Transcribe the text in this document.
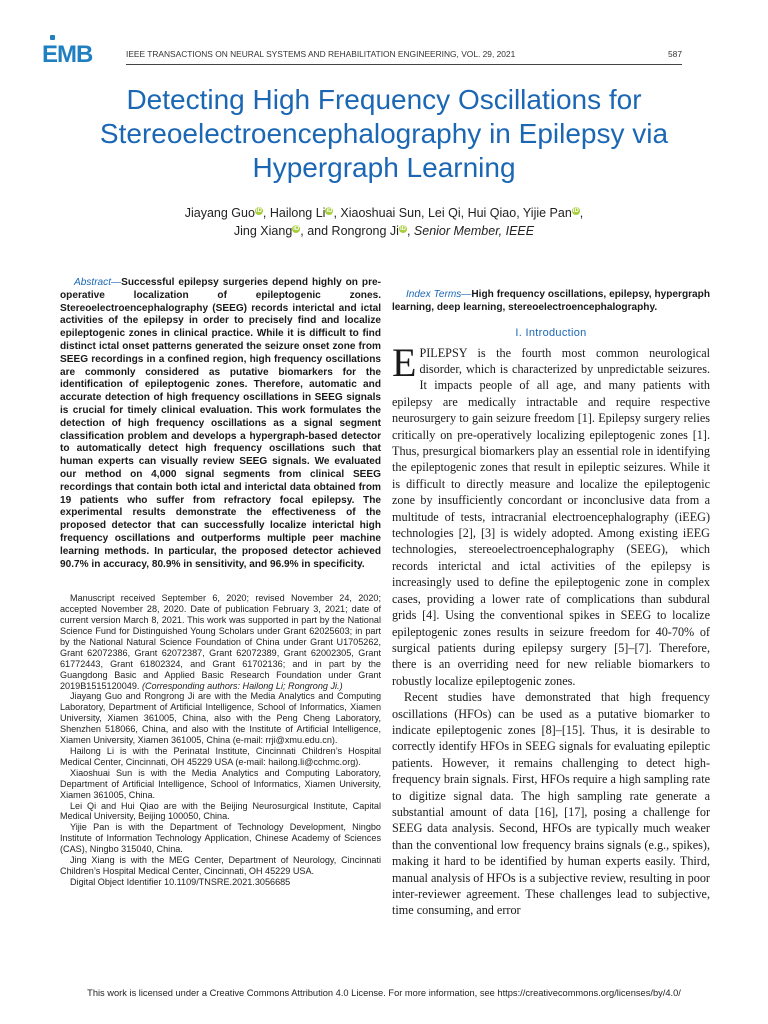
EMB	IEEE TRANSACTIONS ON NEURAL SYSTEMS AND REHABILITATION ENGINEERING, VOL. 29, 2021	587
Detecting High Frequency Oscillations for Stereoelectroencephalography in Epilepsy via Hypergraph Learning
Jiayang GuoiD, Hailong LiiD, Xiaoshuai Sun, Lei Qi, Hui Qiao, Yijie PaniD,
Jing XiangiD, and Rongrong JiiD, Senior Member, IEEE
Abstract—Successful epilepsy surgeries depend highly on pre-operative localization of epileptogenic zones. Stereoelectroencephalography (SEEG) records interictal and ictal activities of the epilepsy in order to precisely find and localize epileptogenic zones in clinical practice. While it is difficult to find distinct ictal onset patterns generated the seizure onset zone from SEEG recordings in a confined region, high frequency oscillations are commonly considered as putative biomarkers for the identification of epileptogenic zones. Therefore, automatic and accurate detection of high frequency oscillations in SEEG signals is crucial for timely clinical evaluation. This work formulates the detection of high frequency oscillations as a signal segment classification problem and develops a hypergraph-based detector to automatically detect high frequency oscillations such that human experts can visually review SEEG signals. We evaluated our method on 4,000 signal segments from clinical SEEG recordings that contain both ictal and interictal data obtained from 19 patients who suffer from refractory focal epilepsy. The experimental results demonstrate the effectiveness of the proposed detector that can successfully localize interictal high frequency oscillations and outperforms multiple peer machine learning methods. In particular, the proposed detector achieved 90.7% in accuracy, 80.9% in sensitivity, and 96.9% in specificity.

Manuscript received September 6, 2020; revised November 24, 2020; accepted November 28, 2020. Date of publication February 3, 2021; date of current version March 8, 2021. This work was supported in part by the National Science Fund for Distinguished Young Scholars under Grant 62025603; in part by the National Natural Science Foundation of China under Grant U1705262, Grant 62072386, Grant 62072387, Grant 62072389, Grant 62002305, Grant 61772443, Grant 61802324, and Grant 61702136; and in part by the Guangdong Basic and Applied Basic Research Foundation under Grant 2019B1515120049. (Corresponding authors: Hailong Li; Rongrong Ji.)

Jiayang Guo and Rongrong Ji are with the Media Analytics and Computing Laboratory, Department of Artificial Intelligence, School of Informatics, Xiamen University, Xiamen 361005, China, also with the Peng Cheng Laboratory, Shenzhen 518066, China, and also with the Institute of Artificial Intelligence, Xiamen University, Xiamen 361005, China (e-mail: rrji@xmu.edu.cn).

Hailong Li is with the Perinatal Institute, Cincinnati Children’s Hospital Medical Center, Cincinnati, OH 45229 USA (e-mail: hailong.li@cchmc.org).

Xiaoshuai Sun is with the Media Analytics and Computing Laboratory, Department of Artificial Intelligence, School of Informatics, Xiamen University, Xiamen 361005, China.

Lei Qi and Hui Qiao are with the Beijing Neurosurgical Institute, Capital Medical University, Beijing 100050, China.

Yijie Pan is with the Department of Technology Development, Ningbo Institute of Information Technology Application, Chinese Academy of Sciences (CAS), Ningbo 315040, China.

Jing Xiang is with the MEG Center, Department of Neurology, Cincinnati Children’s Hospital Medical Center, Cincinnati, OH 45229 USA.

Digital Object Identifier 10.1109/TNSRE.2021.3056685

Index Terms—High frequency oscillations, epilepsy, hypergraph learning, deep learning, stereoelectroencephalography.
I. Introduction

EPILEPSY is the fourth most common neurological disorder, which is characterized by unpredictable seizures. It impacts people of all age, and many patients with epilepsy are medically intractable and require respective neurosurgery to gain seizure freedom [1]. Epilepsy surgery relies critically on pre-operatively localizing epileptogenic zones [1]. Thus, presurgical biomarkers play an essential role in identifying the epileptogenic zones that result in epileptic seizures. While it is difficult to directly measure and localize the epileptogenic zone by insufficiently concordant or inconclusive data from a multitude of tests, intracranial electroencephalography (iEEG) technologies [2], [3] is widely adopted. Among existing iEEG technologies, stereoelectroencephalography (SEEG), which records interictal and ictal activities of the epilepsy is increasingly used to define the epileptogenic zone in complex cases, providing a lower rate of complications than subdural grids [4]. Using the conventional spikes in SEEG to localize epileptogenic zones results in seizure freedom for 40-70% of surgical patients during epilepsy surgery [5]–[7]. Therefore, there is an overriding need for new reliable biomarkers to robustly localize epileptogenic zones.

Recent studies have demonstrated that high frequency oscillations (HFOs) can be used as a putative biomarker to indicate epileptogenic zones [8]–[15]. Thus, it is desirable to correctly identify HFOs in SEEG signals for evaluating epileptic patients. However, it remains challenging to detect high-frequency brain signals. First, HFOs require a high sampling rate to digitize signal data. The high sampling rate generate a substantial amount of data [16], [17], posing a challenge for SEEG data analysis. Second, HFOs are typically much weaker than the conventional low frequency brains signals (e.g., spikes), making it hard to be identified by human experts easily. Third, manual analysis of HFOs is a subjective review, resulting in poor inter-reviewer agreement. These challenges lead to subjective, time consuming, and error

This work is licensed under a Creative Commons Attribution 4.0 License. For more information, see https://creativecommons.org/licenses/by/4.0/
